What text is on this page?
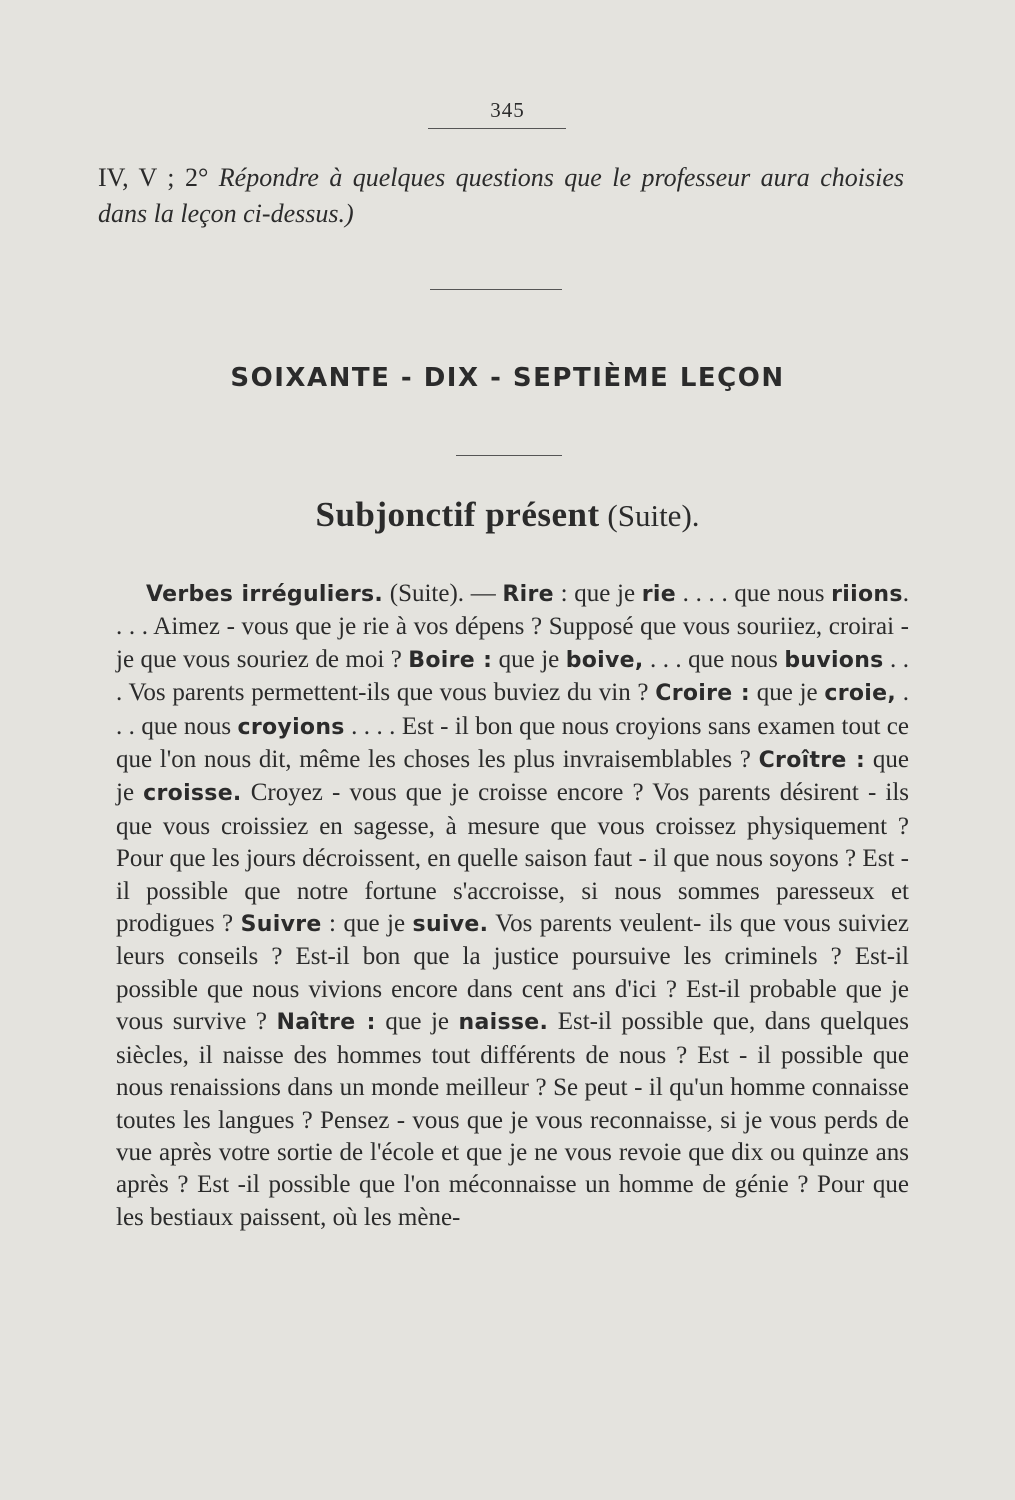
345
IV, V ; 2° Répondre à quelques questions que le professeur aura choisies dans la leçon ci-dessus.)
SOIXANTE - DIX - SEPTIÈME LEÇON
Subjonctif présent (Suite).
Verbes irréguliers. (Suite). — Rire : que je rie . . . . que nous riions. . . . Aimez - vous que je rie à vos dépens ? Supposé que vous souriiez, croirai - je que vous souriez de moi ? Boire : que je boive, . . . que nous buvions . . . Vos parents permettent-ils que vous buviez du vin ? Croire : que je croie, . . . que nous croyions . . . . Est - il bon que nous croyions sans examen tout ce que l'on nous dit, même les choses les plus invraisemblables ? Croître : que je croisse. Croyez - vous que je croisse encore ? Vos parents désirent - ils que vous croissiez en sagesse, à mesure que vous croissez physiquement ? Pour que les jours décroissent, en quelle saison faut - il que nous soyons ? Est - il possible que notre fortune s'accroisse, si nous sommes paresseux et prodigues ? Suivre : que je suive. Vos parents veulent- ils que vous suiviez leurs conseils ? Est-il bon que la justice poursuive les criminels ? Est-il possible que nous vivions encore dans cent ans d'ici ? Est-il probable que je vous survive ? Naître : que je naisse. Est-il possible que, dans quelques siècles, il naisse des hommes tout différents de nous ? Est - il possible que nous renaissions dans un monde meilleur ? Se peut - il qu'un homme connaisse toutes les langues ? Pensez - vous que je vous reconnaisse, si je vous perds de vue après votre sortie de l'école et que je ne vous revoie que dix ou quinze ans après ? Est -il possible que l'on méconnaisse un homme de génie ? Pour que les bestiaux paissent, où les mène-
